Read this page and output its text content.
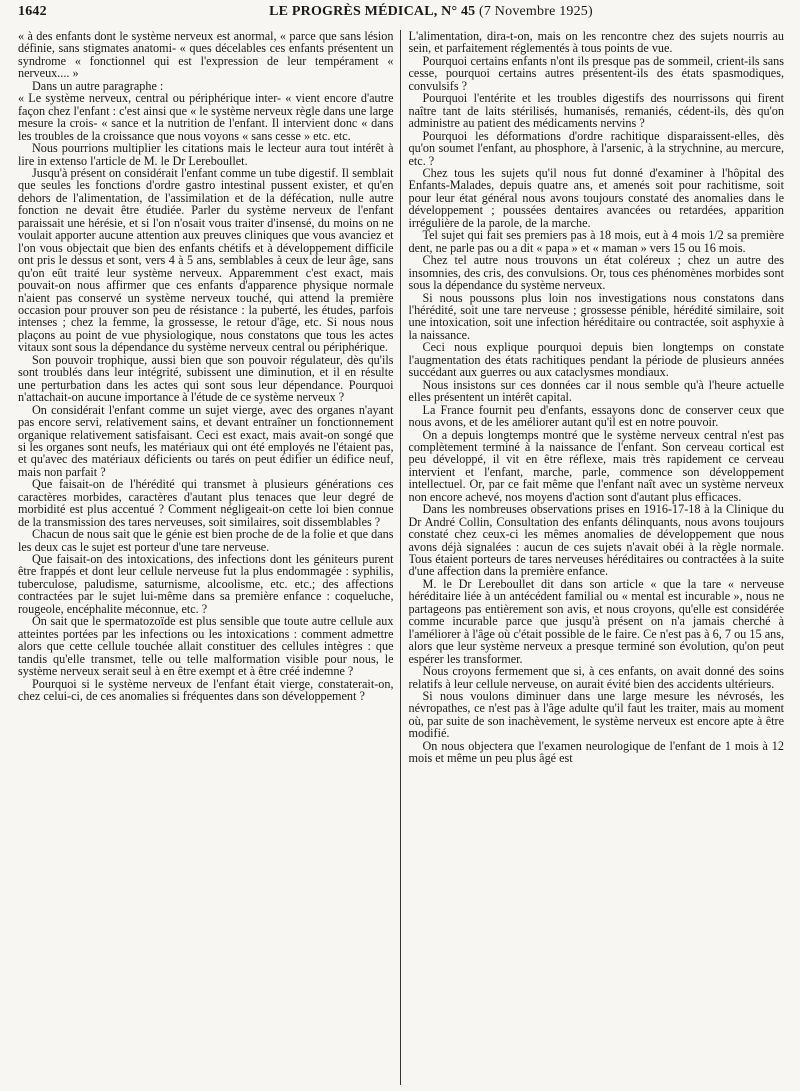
1642	LE PROGRÈS MÉDICAL, N° 45 (7 Novembre 1925)

« à des enfants dont le système nerveux est anormal, « parce que sans lésion définie, sans stigmates anatomi- « ques décelables ces enfants présentent un syndrome « fonctionnel qui est l'expression de leur tempérament « nerveux.... »

Dans un autre paragraphe :

« Le système nerveux, central ou périphérique inter- « vient encore d'autre façon chez l'enfant : c'est ainsi que « le système nerveux règle dans une large mesure la crois- « sance et la nutrition de l'enfant. Il intervient donc « dans les troubles de la croissance que nous voyons « sans cesse » etc. etc.

Nous pourrions multiplier les citations mais le lecteur aura tout intérêt à lire in extenso l'article de M. le Dr Lereboullet.

Jusqu'à présent on considérait l'enfant comme un tube digestif. Il semblait que seules les fonctions d'ordre gastro intestinal pussent exister, et qu'en dehors de l'alimentation, de l'assimilation et de la défécation, nulle autre fonction ne devait être étudiée. Parler du système nerveux de l'enfant paraissait une hérésie, et si l'on n'osait vous traiter d'insensé, du moins on ne voulait apporter aucune attention aux preuves cliniques que vous avanciez et l'on vous objectait que bien des enfants chétifs et à développement difficile ont pris le dessus et sont, vers 4 à 5 ans, semblables à ceux de leur âge, sans qu'on eût traité leur système nerveux. Apparemment c'est exact, mais pouvait-on nous affirmer que ces enfants d'apparence physique normale n'aient pas conservé un système nerveux touché, qui attend la première occasion pour prouver son peu de résistance : la puberté, les études, parfois intenses ; chez la femme, la grossesse, le retour d'âge, etc. Si nous nous plaçons au point de vue physiologique, nous constatons que tous les actes vitaux sont sous la dépendance du système nerveux central ou périphérique.

Son pouvoir trophique, aussi bien que son pouvoir régulateur, dès qu'ils sont troublés dans leur intégrité, subissent une diminution, et il en résulte une perturbation dans les actes qui sont sous leur dépendance. Pourquoi n'attachait-on aucune importance à l'étude de ce système nerveux ?

On considérait l'enfant comme un sujet vierge, avec des organes n'ayant pas encore servi, relativement sains, et devant entraîner un fonctionnement organique relativement satisfaisant. Ceci est exact, mais avait-on songé que si les organes sont neufs, les matériaux qui ont été employés ne l'étaient pas, et qu'avec des matériaux déficients ou tarés on peut édifier un édifice neuf, mais non parfait ?

Que faisait-on de l'hérédité qui transmet à plusieurs générations ces caractères morbides, caractères d'autant plus tenaces que leur degré de morbidité est plus accentué ? Comment négligeait-on cette loi bien connue de la transmission des tares nerveuses, soit similaires, soit dissemblables ?

Chacun de nous sait que le génie est bien proche de de la folie et que dans les deux cas le sujet est porteur d'une tare nerveuse.

Que faisait-on des intoxications, des infections dont les géniteurs purent être frappés et dont leur cellule nerveuse fut la plus endommagée : syphilis, tuberculose, paludisme, saturnisme, alcoolisme, etc. etc.; des affections contractées par le sujet lui-même dans sa première enfance : coqueluche, rougeole, encéphalite méconnue, etc. ?

On sait que le spermatozoïde est plus sensible que toute autre cellule aux atteintes portées par les infections ou les intoxications : comment admettre alors que cette cellule touchée allait constituer des cellules intègres : que tandis qu'elle transmet, telle ou telle malformation visible pour nous, le système nerveux serait seul à en être exempt et à être créé indemne ?

Pourquoi si le système nerveux de l'enfant était vierge, constaterait-on, chez celui-ci, de ces anomalies si fréquentes dans son développement ?

L'alimentation, dira-t-on, mais on les rencontre chez des sujets nourris au sein, et parfaitement réglementés à tous points de vue.

Pourquoi certains enfants n'ont ils presque pas de sommeil, crient-ils sans cesse, pourquoi certains autres présentent-ils des états spasmodiques, convulsifs ?

Pourquoi l'entérite et les troubles digestifs des nourrissons qui firent naître tant de laits stérilisés, humanisés, remaniés, cédent-ils, dès qu'on administre au patient des médicaments nervins ?

Pourquoi les déformations d'ordre rachitique disparaissent-elles, dès qu'on soumet l'enfant, au phosphore, à l'arsenic, à la strychnine, au mercure, etc. ?

Chez tous les sujets qu'il nous fut donné d'examiner à l'hôpital des Enfants-Malades, depuis quatre ans, et amenés soit pour rachitisme, soit pour leur état général nous avons toujours constaté des anomalies dans le développement ; poussées dentaires avancées ou retardées, apparition irrégulière de la parole, de la marche.

Tel sujet qui fait ses premiers pas à 18 mois, eut à 4 mois 1/2 sa première dent, ne parle pas ou a dit « papa » et « maman » vers 15 ou 16 mois.

Chez tel autre nous trouvons un état coléreux ; chez un autre des insomnies, des cris, des convulsions. Or, tous ces phénomènes morbides sont sous la dépendance du système nerveux.

Si nous poussons plus loin nos investigations nous constatons dans l'hérédité, soit une tare nerveuse ; grossesse pénible, hérédité similaire, soit une intoxication, soit une infection héréditaire ou contractée, soit asphyxie à la naissance.

Ceci nous explique pourquoi depuis bien longtemps on constate l'augmentation des états rachitiques pendant la période de plusieurs années succédant aux guerres ou aux cataclysmes mondiaux.

Nous insistons sur ces données car il nous semble qu'à l'heure actuelle elles présentent un intérêt capital.

La France fournit peu d'enfants, essayons donc de conserver ceux que nous avons, et de les améliorer autant qu'il est en notre pouvoir.

On a depuis longtemps montré que le système nerveux central n'est pas complètement terminé à la naissance de l'enfant. Son cerveau cortical est peu développé, il vit en être réflexe, mais très rapidement ce cerveau intervient et l'enfant, marche, parle, commence son développement intellectuel. Or, par ce fait même que l'enfant naît avec un système nerveux non encore achevé, nos moyens d'action sont d'autant plus efficaces.

Dans les nombreuses observations prises en 1916-17-18 à la Clinique du Dr André Collin, Consultation des enfants délinquants, nous avons toujours constaté chez ceux-ci les mêmes anomalies de développement que nous avons déjà signalées : aucun de ces sujets n'avait obéi à la règle normale. Tous étaient porteurs de tares nerveuses héréditaires ou contractées à la suite d'une affection dans la première enfance.

M. le Dr Lereboullet dit dans son article « que la tare « nerveuse héréditaire liée à un antécédent familial ou « mental est incurable », nous ne partageons pas entièrement son avis, et nous croyons, qu'elle est considérée comme incurable parce que jusqu'à présent on n'a jamais cherché à l'améliorer à l'âge où c'était possible de le faire. Ce n'est pas à 6, 7 ou 15 ans, alors que leur système nerveux a presque terminé son évolution, qu'on peut espérer les transformer.

Nous croyons fermement que si, à ces enfants, on avait donné des soins relatifs à leur cellule nerveuse, on aurait évité bien des accidents ultérieurs.

Si nous voulons diminuer dans une large mesure les névrosés, les névropathes, ce n'est pas à l'âge adulte qu'il faut les traiter, mais au moment où, par suite de son inachèvement, le système nerveux est encore apte à être modifié.

On nous objectera que l'examen neurologique de l'enfant de 1 mois à 12 mois et même un peu plus âgé est
